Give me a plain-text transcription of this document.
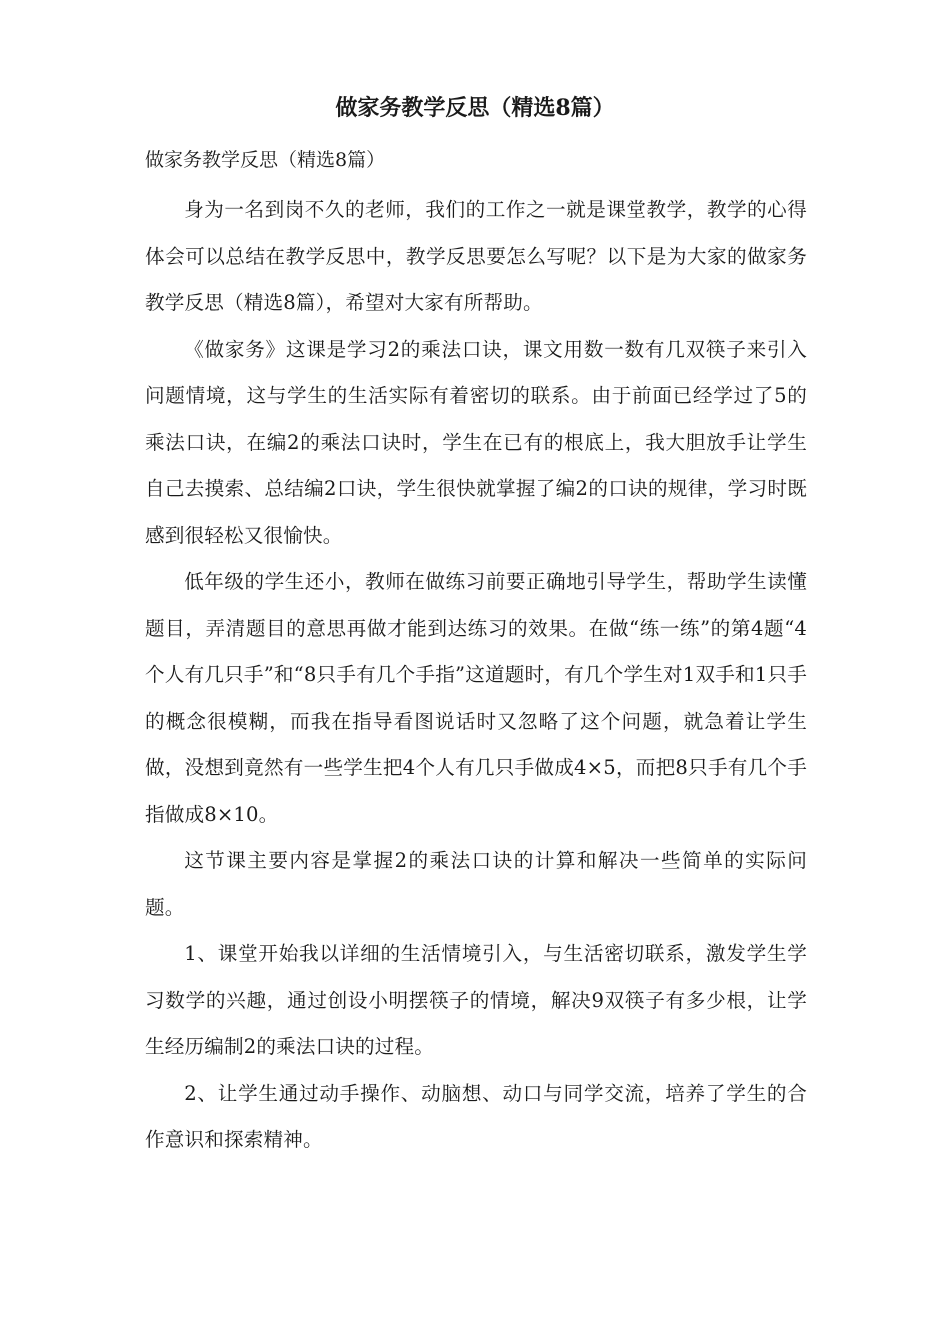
做家务教学反思（精选8篇）

做家务教学反思（精选8篇）

身为一名到岗不久的老师，我们的工作之一就是课堂教学，教学的心得体会可以总结在教学反思中，教学反思要怎么写呢？以下是为大家的做家务教学反思（精选8篇），希望对大家有所帮助。

《做家务》这课是学习2的乘法口诀，课文用数一数有几双筷子来引入问题情境，这与学生的生活实际有着密切的联系。由于前面已经学过了5的乘法口诀，在编2的乘法口诀时，学生在已有的根底上，我大胆放手让学生自己去摸索、总结编2口诀，学生很快就掌握了编2的口诀的规律，学习时既感到很轻松又很愉快。

低年级的学生还小，教师在做练习前要正确地引导学生，帮助学生读懂题目，弄清题目的意思再做才能到达练习的效果。在做“练一练”的第4题“4个人有几只手”和“8只手有几个手指”这道题时，有几个学生对1双手和1只手的概念很模糊，而我在指导看图说话时又忽略了这个问题，就急着让学生做，没想到竟然有一些学生把4个人有几只手做成4×5，而把8只手有几个手指做成8×10。

这节课主要内容是掌握2的乘法口诀的计算和解决一些简单的实际问题。

1、课堂开始我以详细的生活情境引入，与生活密切联系，激发学生学习数学的兴趣，通过创设小明摆筷子的情境，解决9双筷子有多少根，让学生经历编制2的乘法口诀的过程。

2、让学生通过动手操作、动脑想、动口与同学交流，培养了学生的合作意识和探索精神。
